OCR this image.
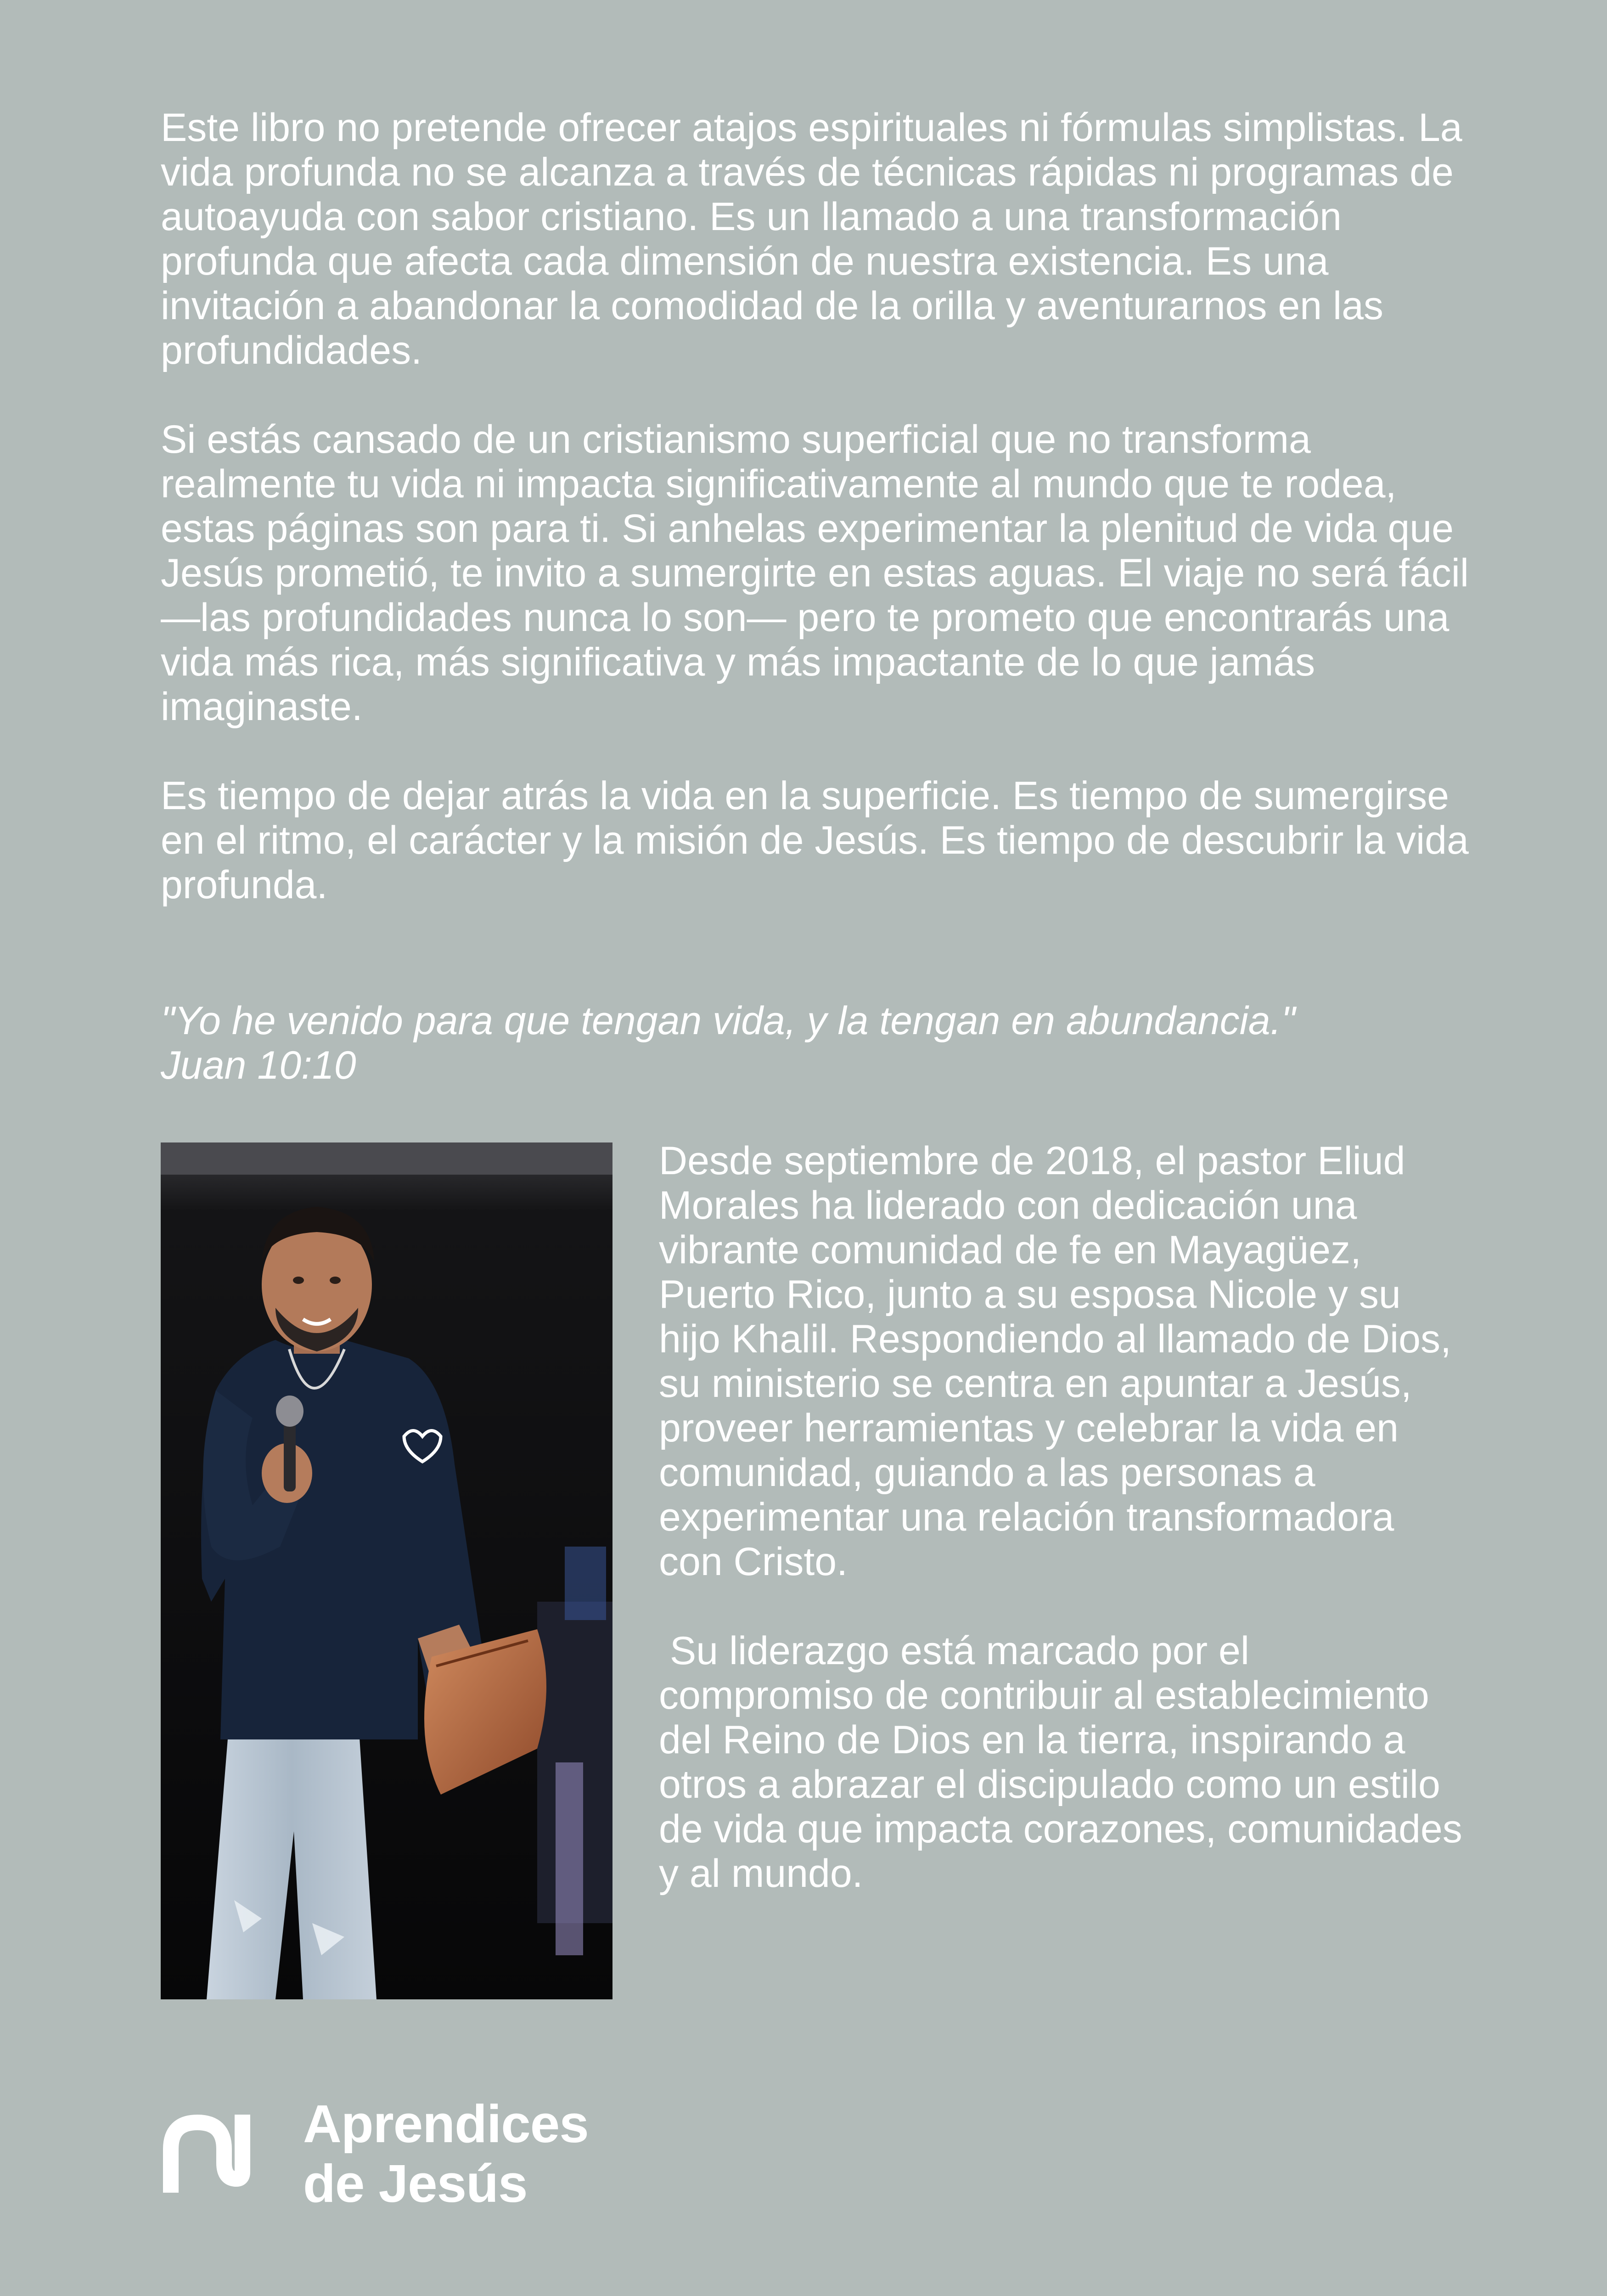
Este libro no pretende ofrecer atajos espirituales ni fórmulas simplistas. La vida profunda no se alcanza a través de técnicas rápidas ni programas de autoayuda con sabor cristiano. Es un llamado a una transformación profunda que afecta cada dimensión de nuestra existencia. Es una invitación a abandonar la comodidad de la orilla y aventurarnos en las profundidades.

Si estás cansado de un cristianismo superficial que no transforma realmente tu vida ni impacta significativamente al mundo que te rodea, estas páginas son para ti. Si anhelas experimentar la plenitud de vida que Jesús prometió, te invito a sumergirte en estas aguas. El viaje no será fácil —las profundidades nunca lo son— pero te prometo que encontrarás una vida más rica, más significativa y más impactante de lo que jamás imaginaste.

Es tiempo de dejar atrás la vida en la superficie. Es tiempo de sumergirse en el ritmo, el carácter y la misión de Jesús. Es tiempo de descubrir la vida profunda.

"Yo he venido para que tengan vida, y la tengan en abundancia."
Juan 10:10

Desde septiembre de 2018, el pastor Eliud Morales ha liderado con dedicación una vibrante comunidad de fe en Mayagüez, Puerto Rico, junto a su esposa Nicole y su hijo Khalil. Respondiendo al llamado de Dios, su ministerio se centra en apuntar a Jesús, proveer herramientas y celebrar la vida en comunidad, guiando a las personas a experimentar una relación transformadora con Cristo.

Su liderazgo está marcado por el compromiso de contribuir al establecimiento del Reino de Dios en la tierra, inspirando a otros a abrazar el discipulado como un estilo de vida que impacta corazones, comunidades y al mundo.

Aprendices
de Jesús
